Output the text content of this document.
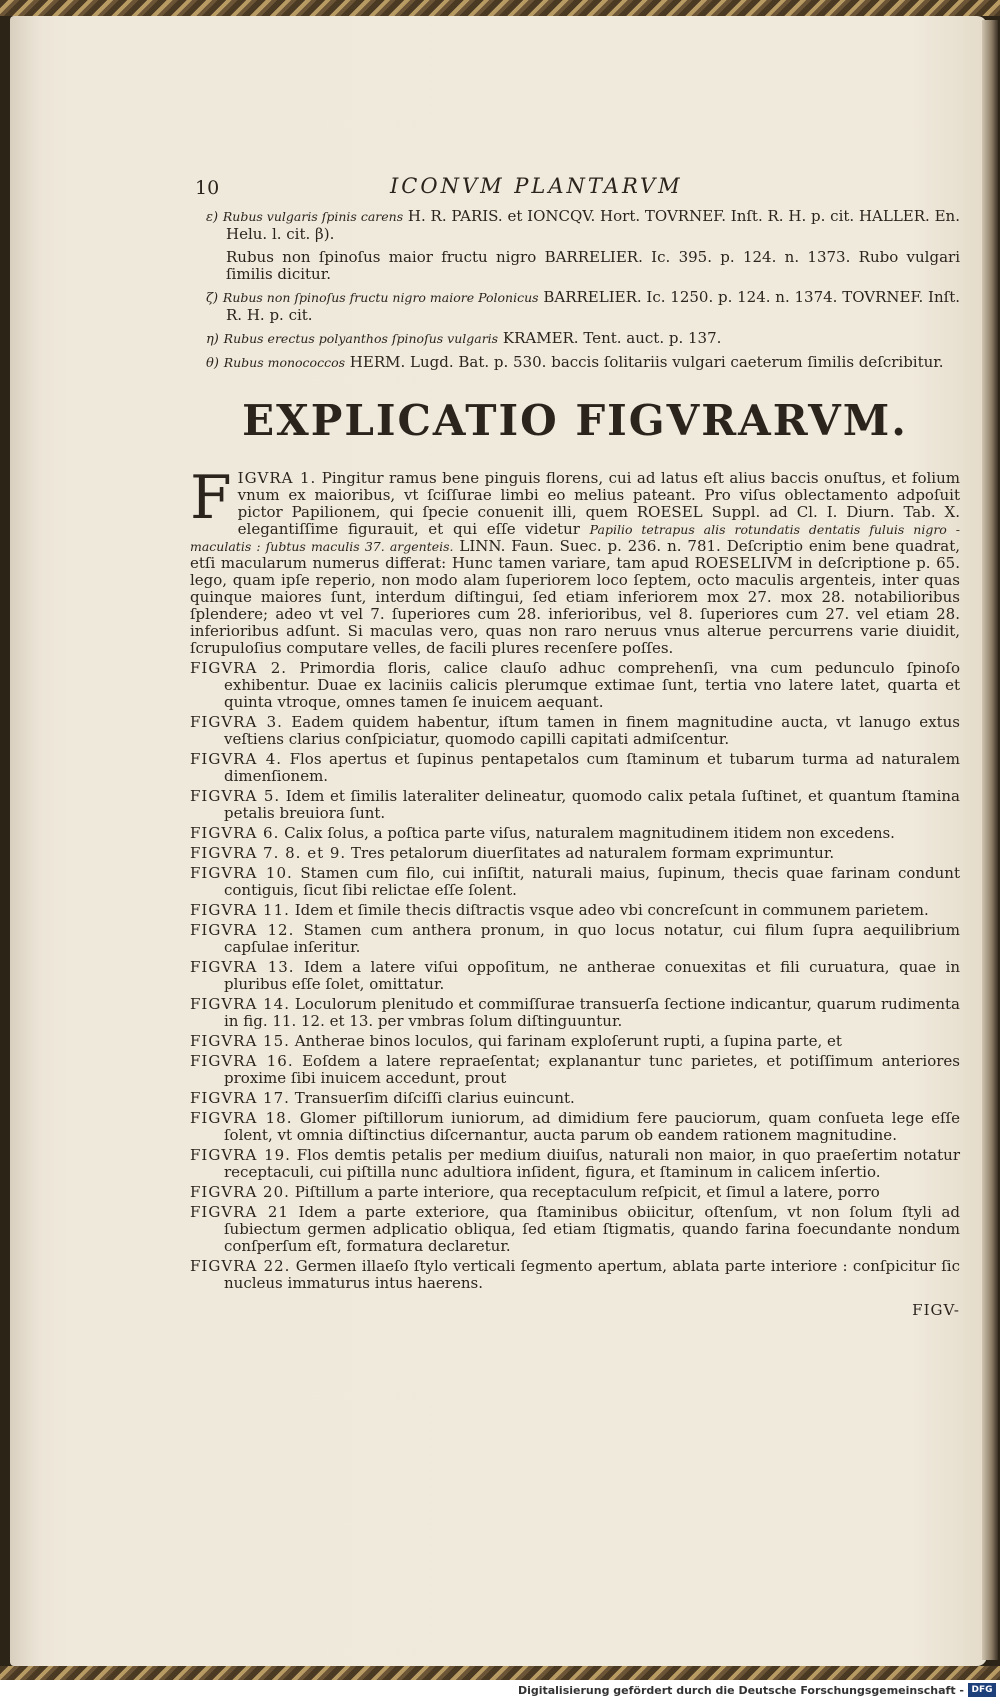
10	ICONVM PLANTARVM

ε) Rubus vulgaris ſpinis carens H. R. PARIS. et IONCQV. Hort. TOVRNEF. Inſt. R. H. p. cit. HALLER. En. Helu. l. cit. β).

Rubus non ſpinoſus maior fructu nigro BARRELIER. Ic. 395. p. 124. n. 1373. Rubo vulgari ſimilis dicitur.

ζ) Rubus non ſpinoſus fructu nigro maiore Polonicus BARRELIER. Ic. 1250. p. 124. n. 1374. TOVRNEF. Inſt. R. H. p. cit.

η) Rubus erectus polyanthos ſpinoſus vulgaris KRAMER. Tent. auct. p. 137.

θ) Rubus monococcos HERM. Lugd. Bat. p. 530. baccis ſolitariis vulgari caeterum ſimilis deſcribitur.

EXPLICATIO FIGVRARVM.

FIGVRA 1. Pingitur ramus bene pinguis florens, cui ad latus eſt alius baccis onuſtus, et folium vnum ex maioribus, vt ſciſſurae limbi eo melius pateant. Pro viſus oblectamento adpoſuit pictor Papilionem, qui ſpecie conuenit illi, quem ROESEL Suppl. ad Cl. I. Diurn. Tab. X. elegantiſſime figurauit, et qui eſſe videtur Papilio tetrapus alis rotundatis dentatis fuluis nigro - maculatis : ſubtus maculis 37. argenteis. LINN. Faun. Suec. p. 236. n. 781. Deſcriptio enim bene quadrat, etſi macularum numerus differat: Hunc tamen variare, tam apud ROESELIVM in deſcriptione p. 65. lego, quam ipſe reperio, non modo alam ſuperiorem loco ſeptem, octo maculis argenteis, inter quas quinque maiores ſunt, interdum diſtingui, ſed etiam inferiorem mox 27. mox 28. notabilioribus ſplendere; adeo vt vel 7. ſuperiores cum 28. inferioribus, vel 8. ſuperiores cum 27. vel etiam 28. inferioribus adſunt. Si maculas vero, quas non raro neruus vnus alterue percurrens varie diuidit, ſcrupuloſius computare velles, de facili plures recenſere poſſes.

FIGVRA 2. Primordia floris, calice clauſo adhuc comprehenſi, vna cum pedunculo ſpinoſo exhibentur. Duae ex laciniis calicis plerumque extimae ſunt, tertia vno latere latet, quarta et quinta vtroque, omnes tamen ſe inuicem aequant.

FIGVRA 3. Eadem quidem habentur, iſtum tamen in finem magnitudine aucta, vt lanugo extus veſtiens clarius conſpiciatur, quomodo capilli capitati admiſcentur.

FIGVRA 4. Flos apertus et ſupinus pentapetalos cum ſtaminum et tubarum turma ad naturalem dimenſionem.

FIGVRA 5. Idem et ſimilis lateraliter delineatur, quomodo calix petala ſuſtinet, et quantum ſtamina petalis breuiora ſunt.

FIGVRA 6. Calix ſolus, a poſtica parte viſus, naturalem magnitudinem itidem non excedens.

FIGVRA 7. 8. et 9. Tres petalorum diuerſitates ad naturalem formam exprimuntur.

FIGVRA 10. Stamen cum filo, cui inſiſtit, naturali maius, ſupinum, thecis quae farinam condunt contiguis, ſicut ſibi relictae eſſe ſolent.

FIGVRA 11. Idem et ſimile thecis diſtractis vsque adeo vbi concreſcunt in communem parietem.

FIGVRA 12. Stamen cum anthera pronum, in quo locus notatur, cui filum ſupra aequilibrium capſulae inſeritur.

FIGVRA 13. Idem a latere viſui oppoſitum, ne antherae conuexitas et fili curuatura, quae in pluribus eſſe ſolet, omittatur.

FIGVRA 14. Loculorum plenitudo et commiſſurae transuerſa ſectione indicantur, quarum rudimenta in fig. 11. 12. et 13. per vmbras ſolum diſtinguuntur.

FIGVRA 15. Antherae binos loculos, qui farinam exploſerunt rupti, a ſupina parte, et

FIGVRA 16. Eoſdem a latere repraeſentat; explanantur tunc parietes, et potiſſimum anteriores proxime ſibi inuicem accedunt, prout

FIGVRA 17. Transuerſim diſciſſi clarius euincunt.

FIGVRA 18. Glomer piſtillorum iuniorum, ad dimidium fere pauciorum, quam conſueta lege eſſe ſolent, vt omnia diſtinctius diſcernantur, aucta parum ob eandem rationem magnitudine.

FIGVRA 19. Flos demtis petalis per medium diuiſus, naturali non maior, in quo praeſertim notatur receptaculi, cui piſtilla nunc adultiora inſident, figura, et ſtaminum in calicem inſertio.

FIGVRA 20. Piſtillum a parte interiore, qua receptaculum reſpicit, et ſimul a latere, porro

FIGVRA 21 Idem a parte exteriore, qua ſtaminibus obiicitur, oſtenſum, vt non ſolum ſtyli ad ſubiectum germen adplicatio obliqua, ſed etiam ſtigmatis, quando farina foecundante nondum conſperſum eſt, formatura declaretur.

FIGVRA 22. Germen illaeſo ſtylo verticali ſegmento apertum, ablata parte interiore : conſpicitur ſic nucleus immaturus intus haerens.

FIGV-
Digitalisierung gefördert durch die Deutsche Forschungsgemeinschaft - DFG
